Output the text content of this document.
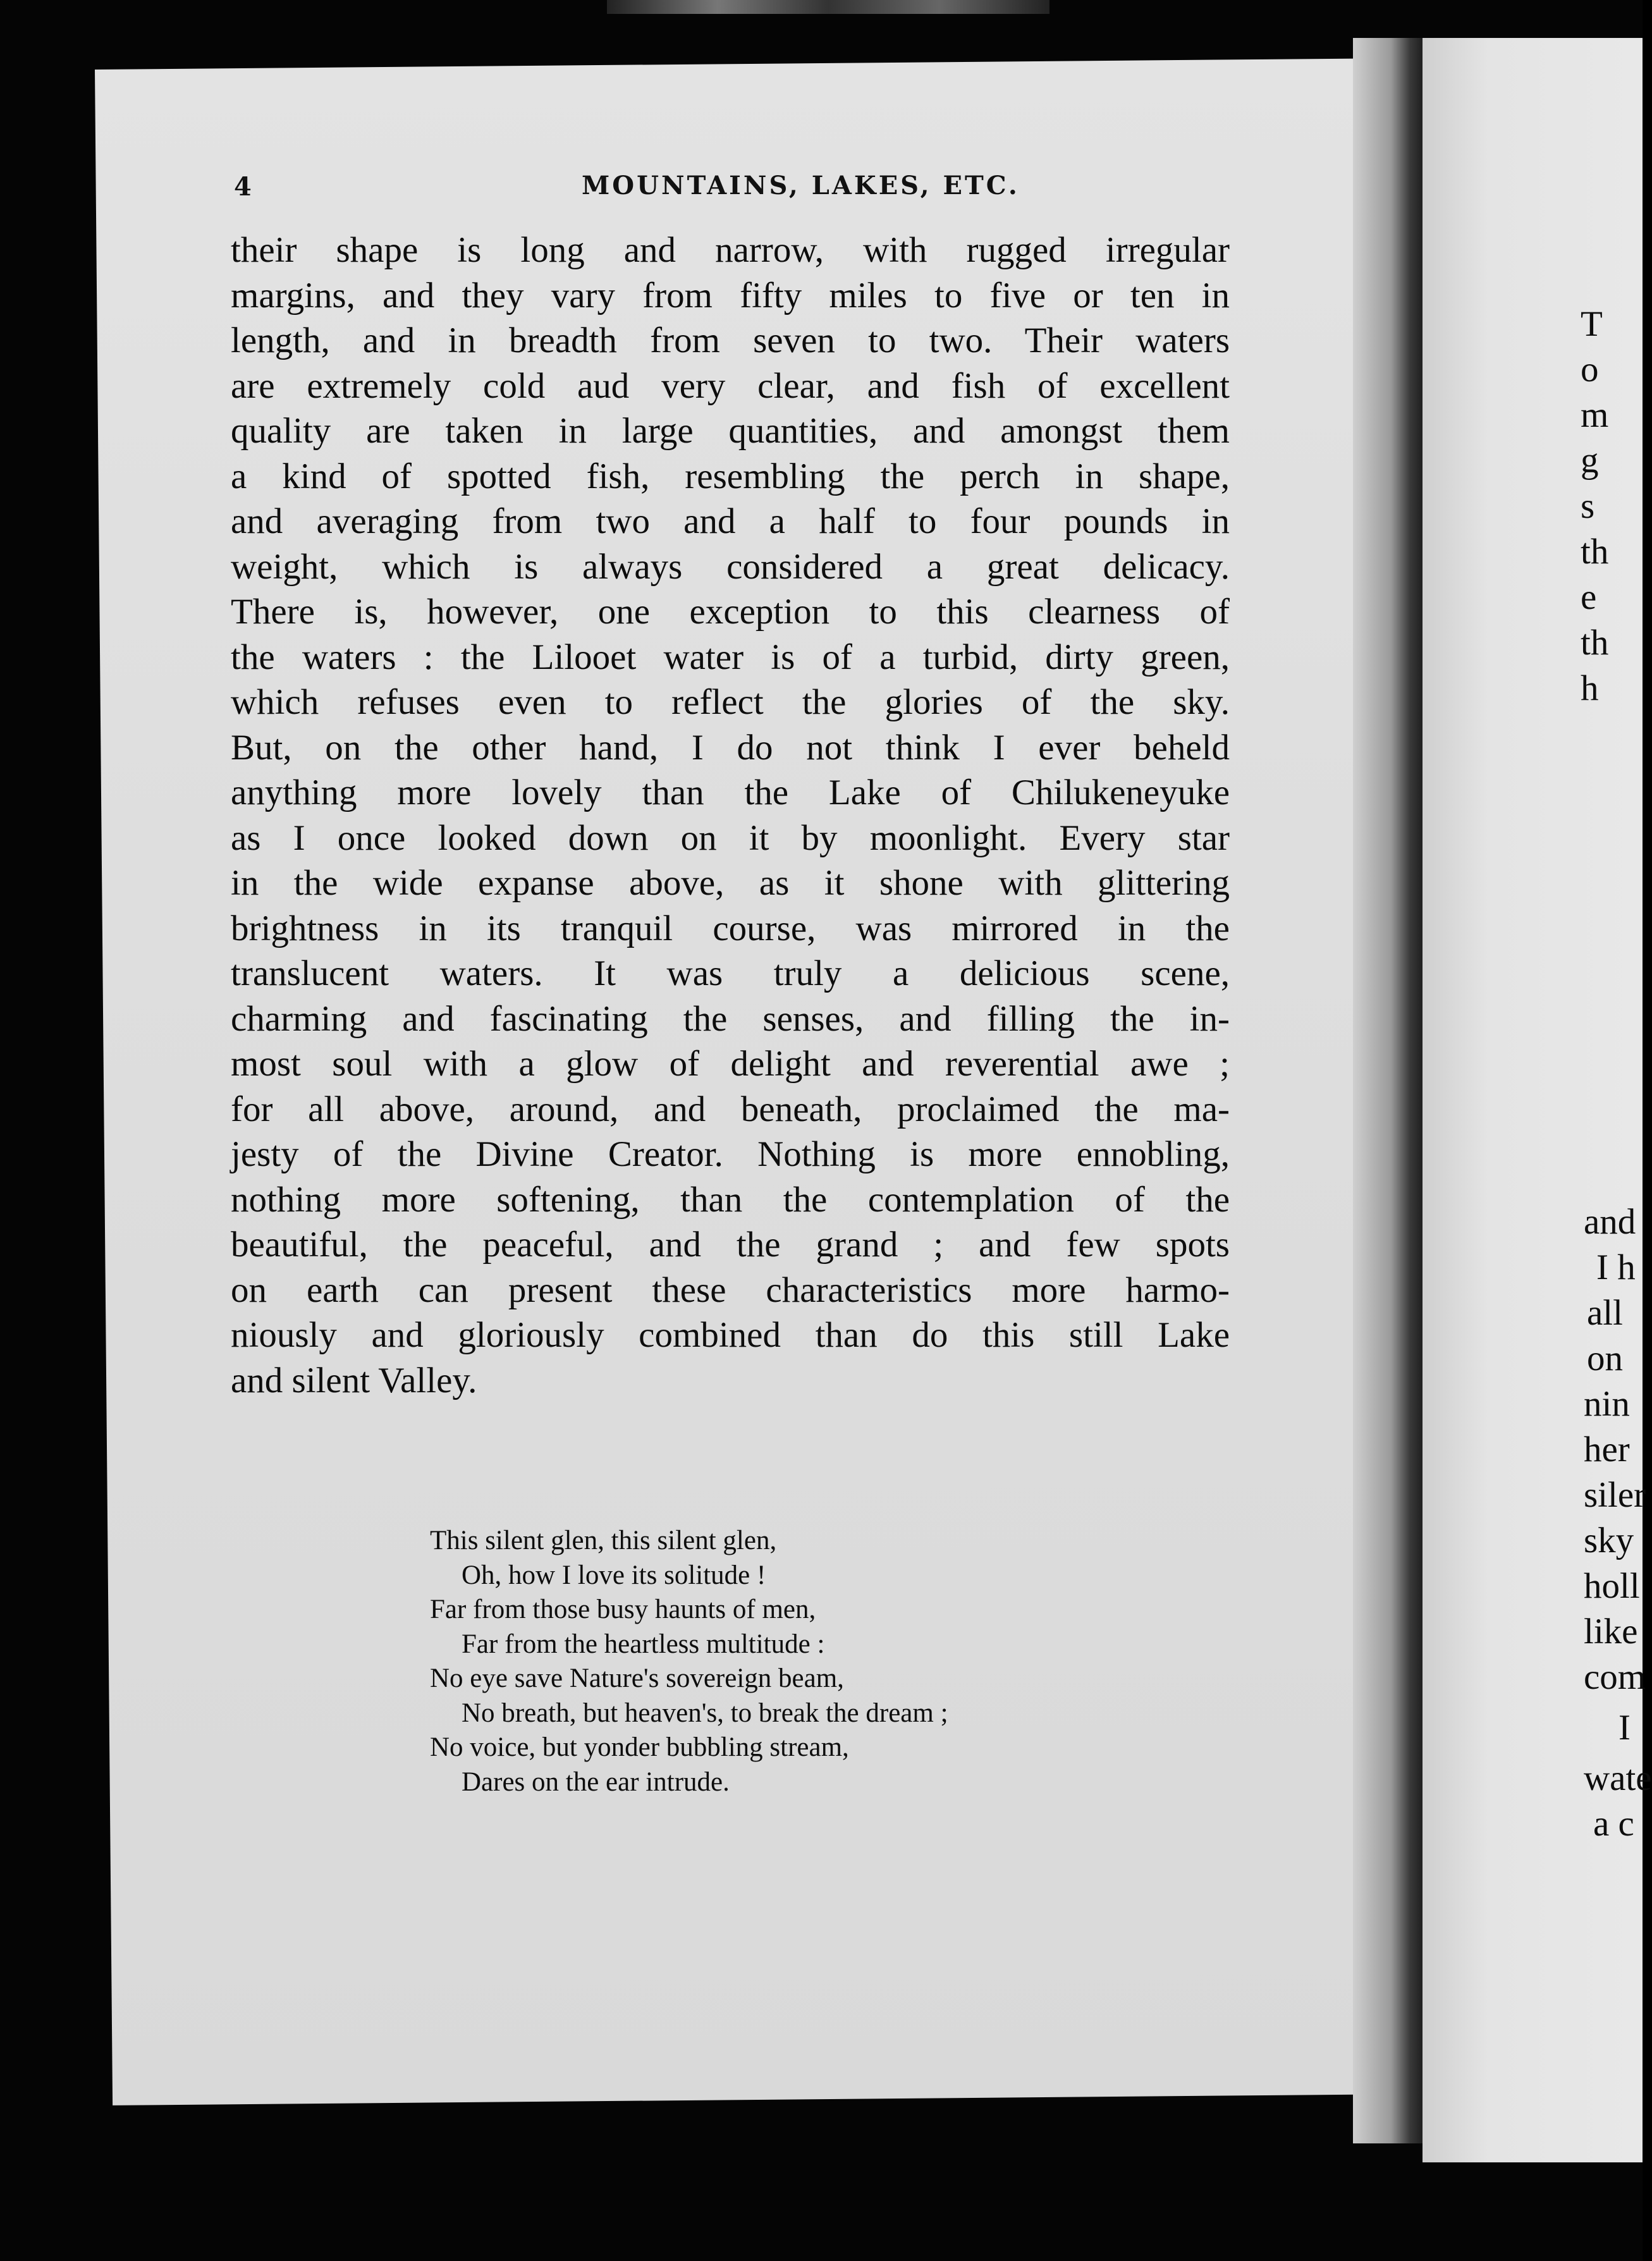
4	MOUNTAINS, LAKES, ETC.
their shape is long and narrow, with rugged irregular
margins, and they vary from fifty miles to five or ten in
length, and in breadth from seven to two. Their waters
are extremely cold aud very clear, and fish of excellent
quality are taken in large quantities, and amongst them
a kind of spotted fish, resembling the perch in shape,
and averaging from two and a half to four pounds in
weight, which is always considered a great delicacy.
There is, however, one exception to this clearness of
the waters : the Lilooet water is of a turbid, dirty green,
which refuses even to reflect the glories of the sky.
But, on the other hand, I do not think I ever beheld
anything more lovely than the Lake of Chilukeneyuke
as I once looked down on it by moonlight. Every star
in the wide expanse above, as it shone with glittering
brightness in its tranquil course, was mirrored in the
translucent waters. It was truly a delicious scene,
charming and fascinating the senses, and filling the in-
most soul with a glow of delight and reverential awe ;
for all above, around, and beneath, proclaimed the ma-
jesty of the Divine Creator. Nothing is more ennobling,
nothing more softening, than the contemplation of the
beautiful, the peaceful, and the grand ; and few spots
on earth can present these characteristics more harmo-
niously and gloriously combined than do this still Lake
and silent Valley.
This silent glen, this silent glen,
Oh, how I love its solitude !
Far from those busy haunts of men,
Far from the heartless multitude :
No eye save Nature's sovereign beam,
No breath, but heaven's, to break the dream ;
No voice, but yonder bubbling stream,
Dares on the ear intrude.
T
o
m
g
s
th
e
th
h
and
I h
all
on
nin
her
siler
sky
holl
like
com
I
wate
a c
